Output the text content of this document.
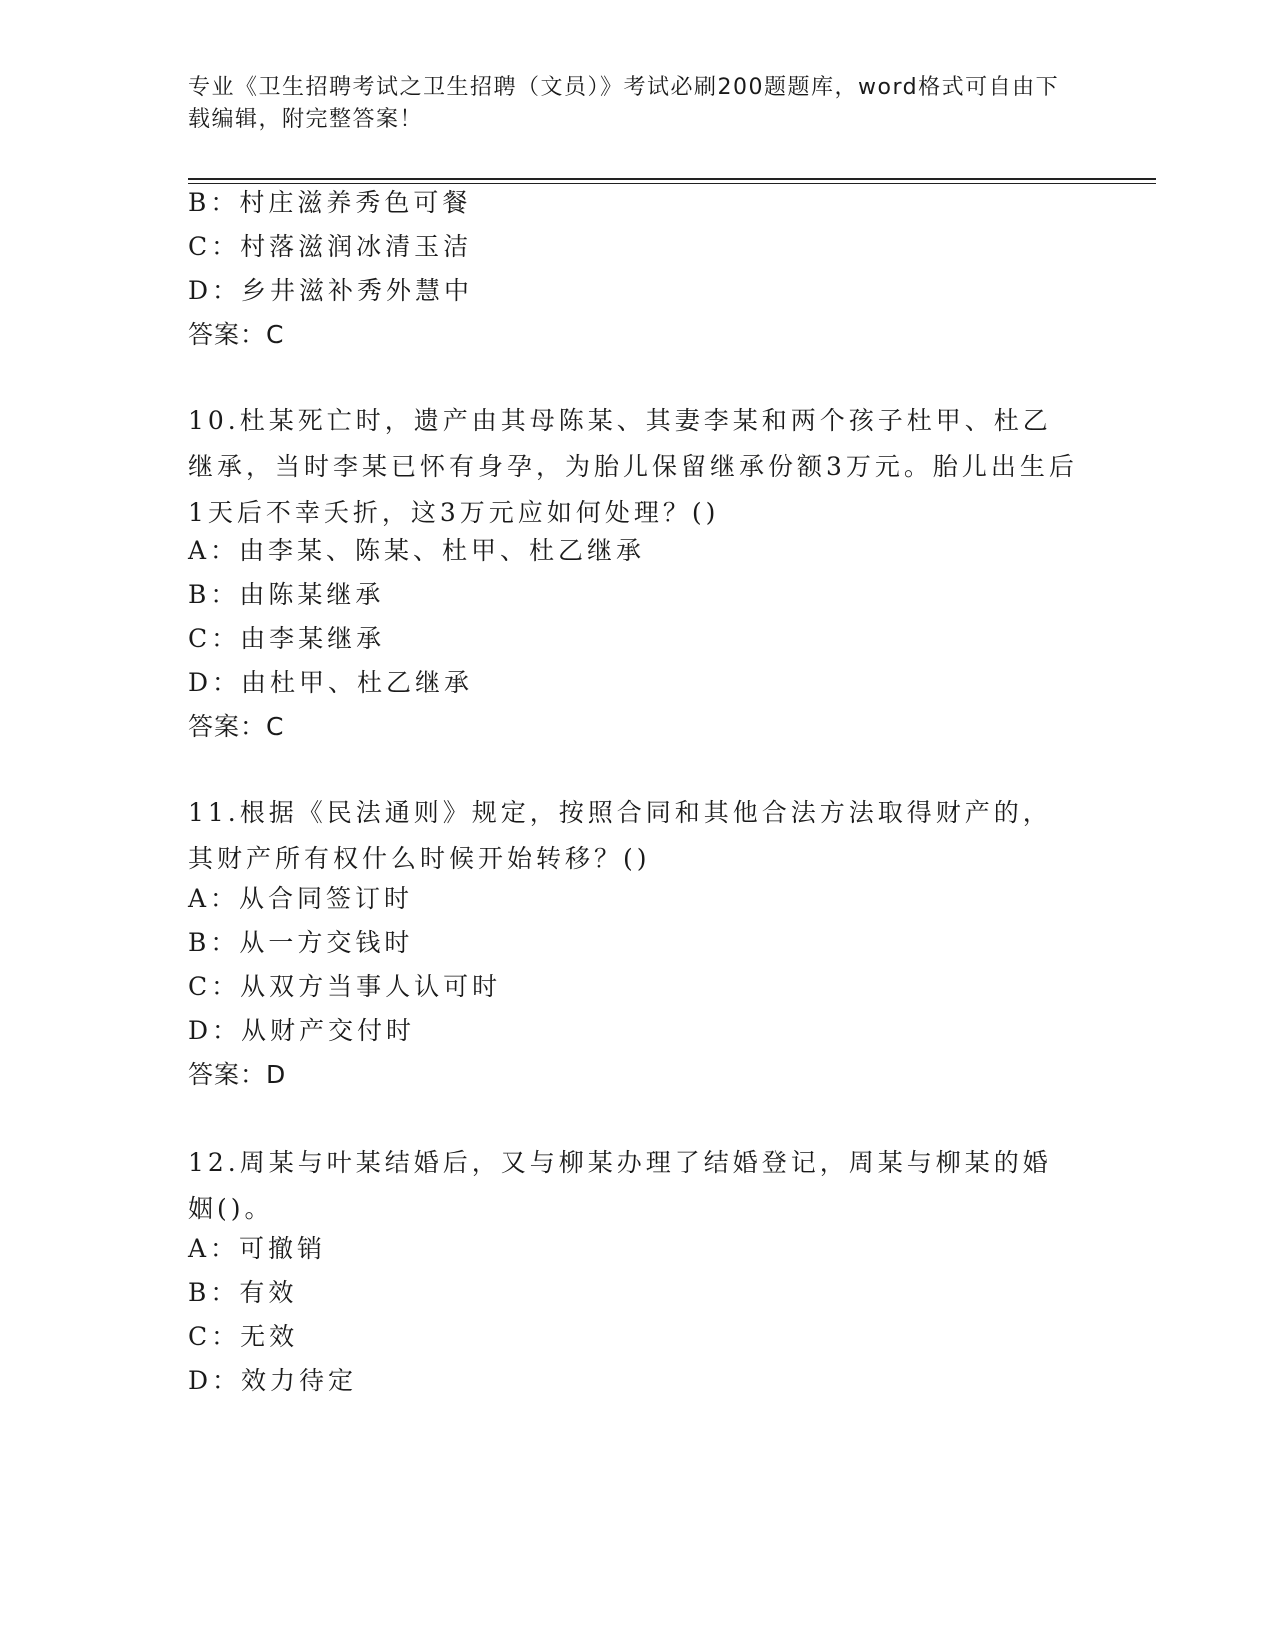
专业《卫生招聘考试之卫生招聘（文员）》考试必刷200题题库，word格式可自由下载编辑，附完整答案！
B：村庄滋养秀色可餐
C：村落滋润冰清玉洁
D：乡井滋补秀外慧中
答案：C
10.杜某死亡时，遗产由其母陈某、其妻李某和两个孩子杜甲、杜乙继承，当时李某已怀有身孕，为胎儿保留继承份额3万元。胎儿出生后1天后不幸夭折，这3万元应如何处理？()
A：由李某、陈某、杜甲、杜乙继承
B：由陈某继承
C：由李某继承
D：由杜甲、杜乙继承
答案：C
11.根据《民法通则》规定，按照合同和其他合法方法取得财产的，其财产所有权什么时候开始转移？()
A：从合同签订时
B：从一方交钱时
C：从双方当事人认可时
D：从财产交付时
答案：D
12.周某与叶某结婚后，又与柳某办理了结婚登记，周某与柳某的婚姻()。
A：可撤销
B：有效
C：无效
D：效力待定
